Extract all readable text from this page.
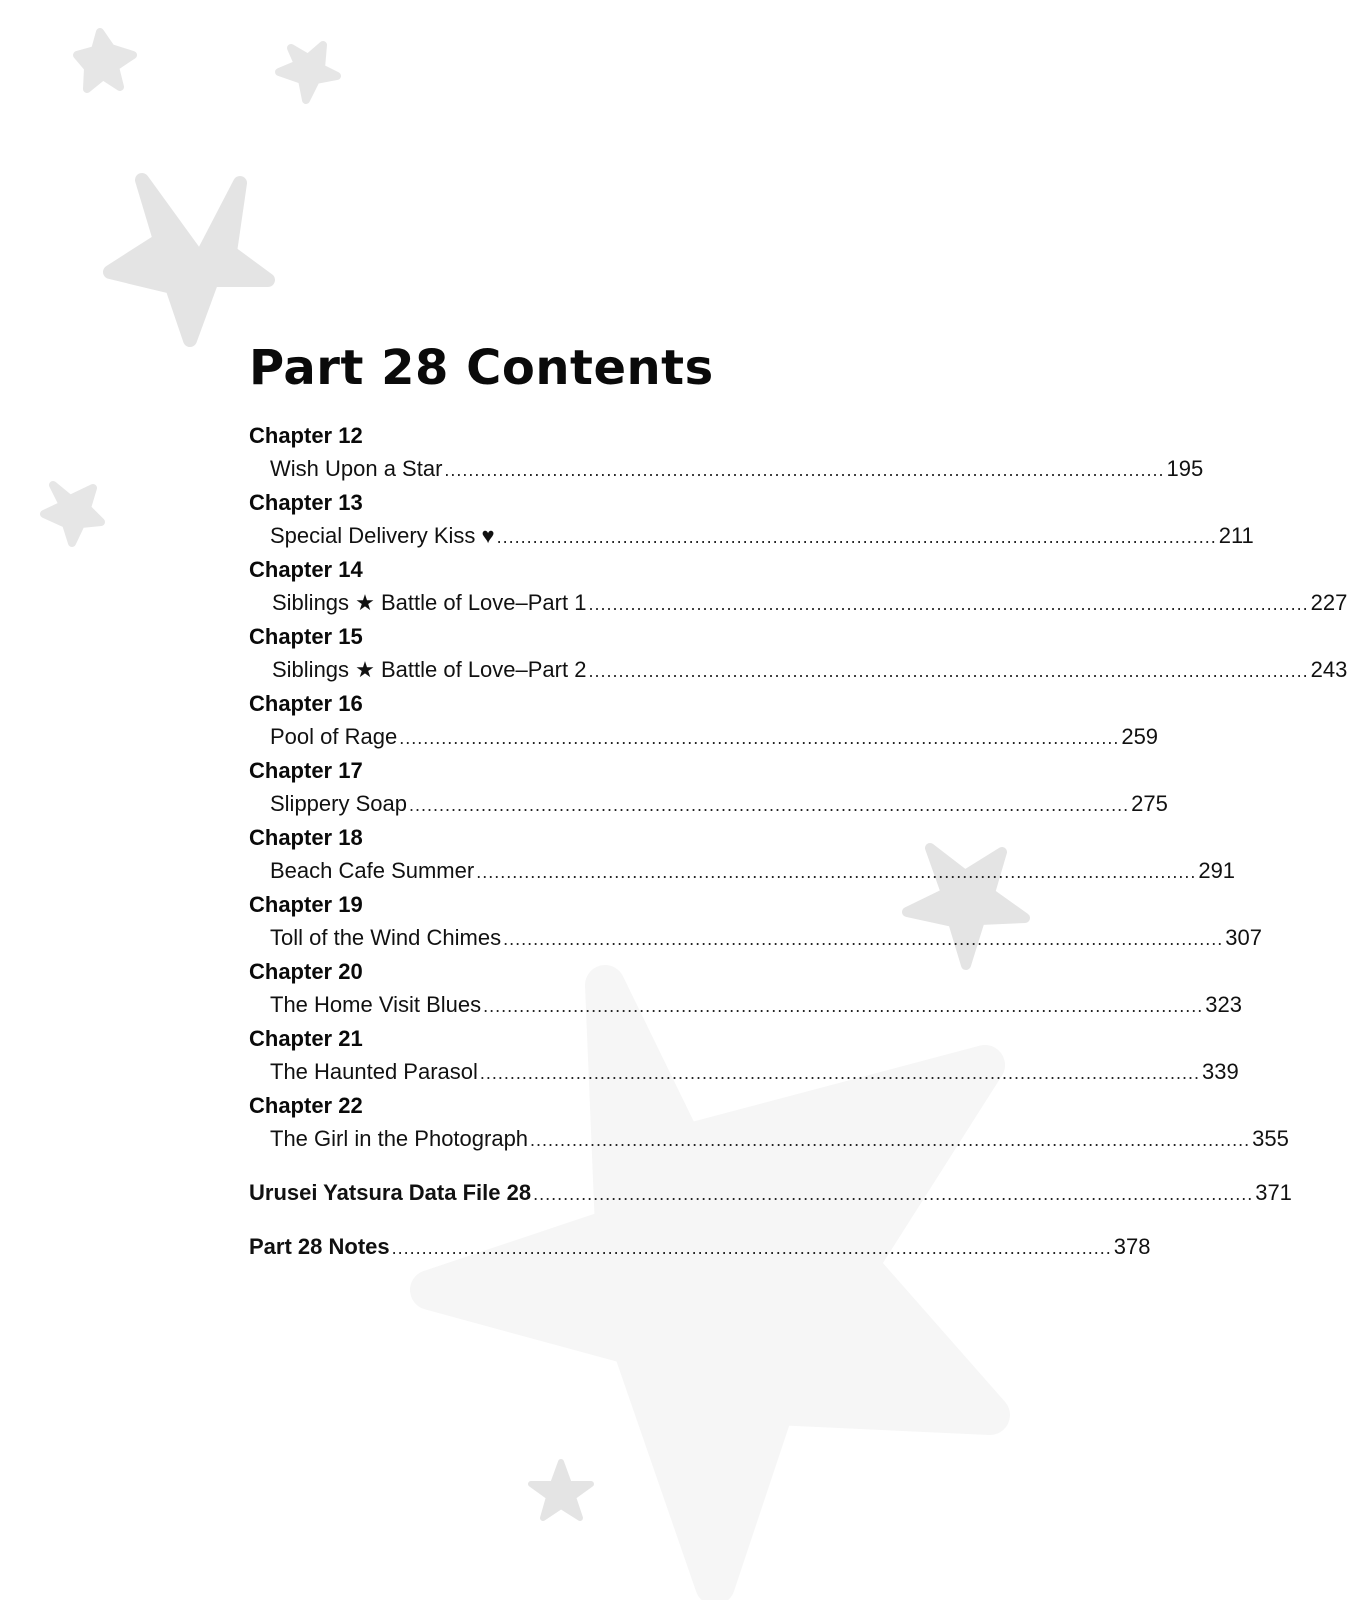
Part 28 Contents
Chapter 12
Wish Upon a Star ........................................................................................................................ 195
Chapter 13
Special Delivery Kiss ♥ ........................................................................................................................ 211
Chapter 14
Siblings ★ Battle of Love–Part 1 ........................................................................................................................ 227
Chapter 15
Siblings ★ Battle of Love–Part 2 ........................................................................................................................ 243
Chapter 16
Pool of Rage ........................................................................................................................ 259
Chapter 17
Slippery Soap ........................................................................................................................ 275
Chapter 18
Beach Cafe Summer ........................................................................................................................ 291
Chapter 19
Toll of the Wind Chimes ........................................................................................................................ 307
Chapter 20
The Home Visit Blues ........................................................................................................................ 323
Chapter 21
The Haunted Parasol ........................................................................................................................ 339
Chapter 22
The Girl in the Photograph ........................................................................................................................ 355
Urusei Yatsura Data File 28 ........................................................................................................................ 371
Part 28 Notes ........................................................................................................................ 378
